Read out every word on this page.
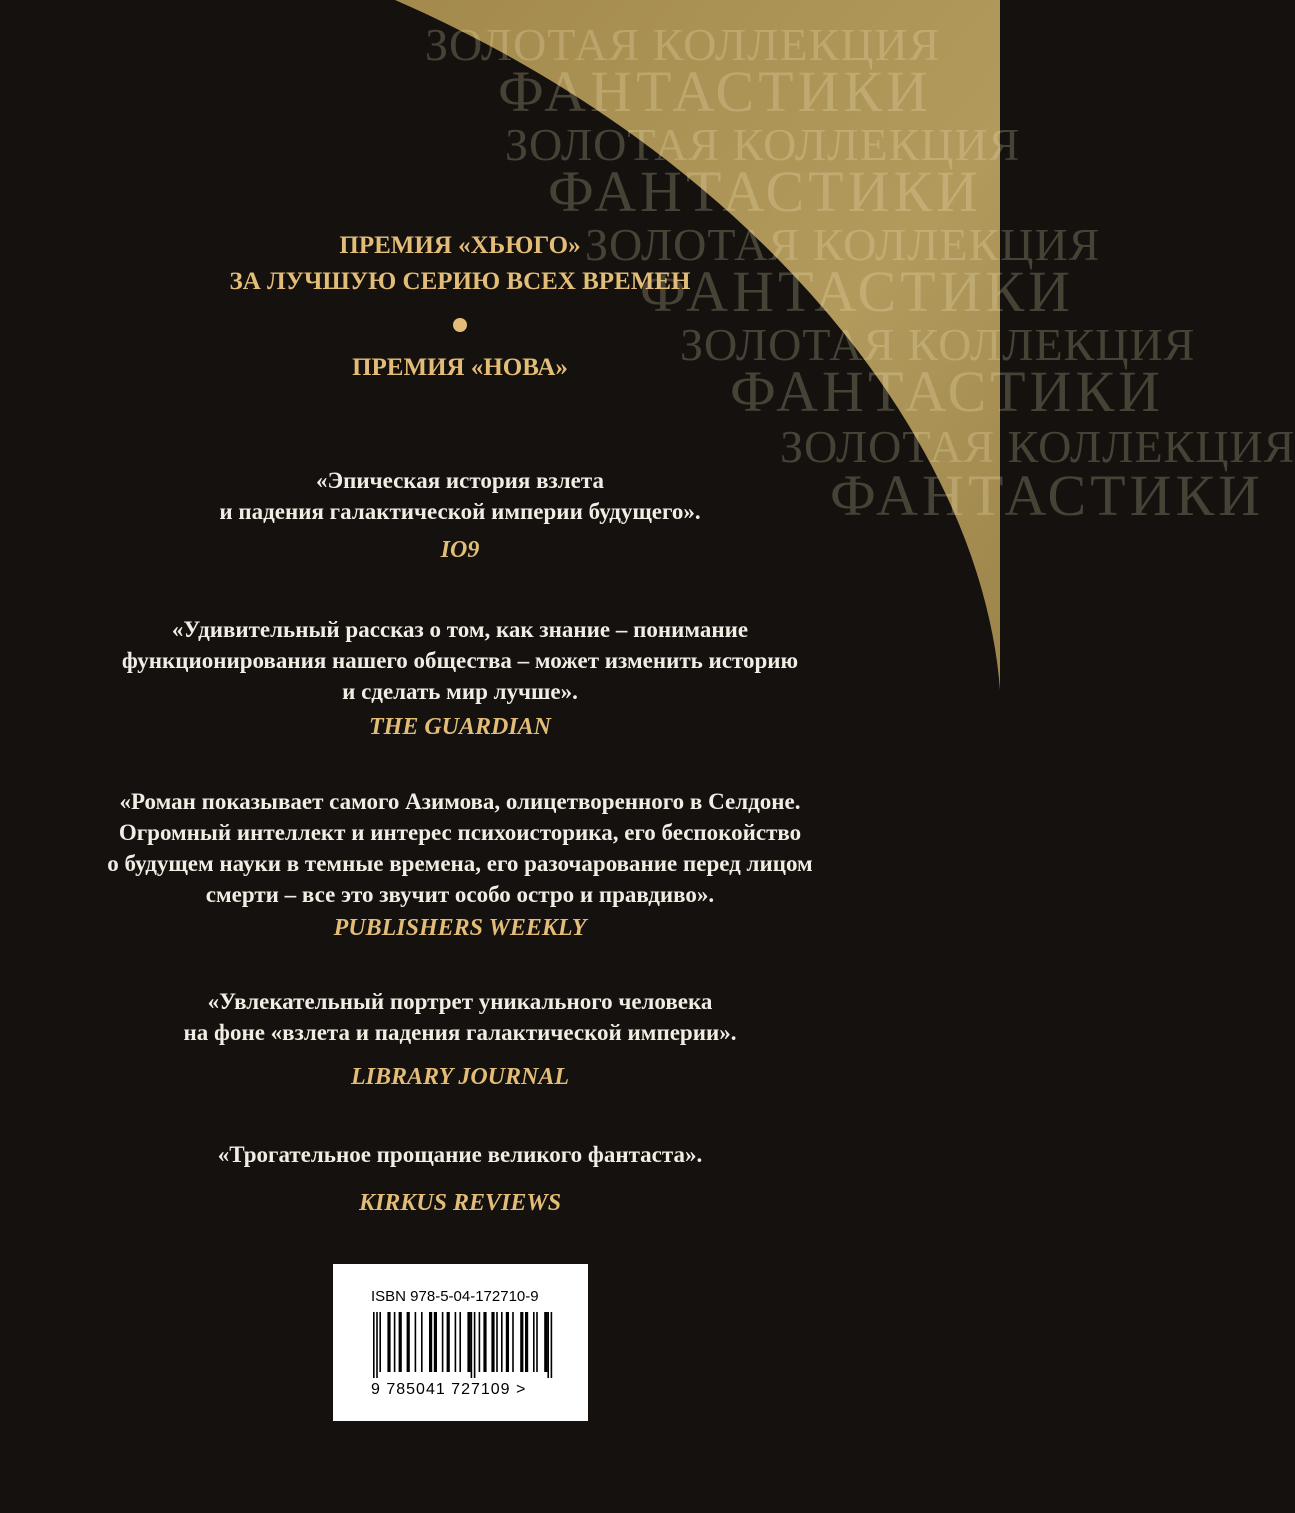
ЗОЛОТАЯ КОЛЛЕКЦИЯ
ФАНТАСТИКИ
ЗОЛОТАЯ КОЛЛЕКЦИЯ
ФАНТАСТИКИ
ЗОЛОТАЯ КОЛЛЕКЦИЯ
ФАНТАСТИКИ
ЗОЛОТАЯ КОЛЛЕКЦИЯ
ФАНТАСТИКИ
ЗОЛОТАЯ КОЛЛЕКЦИЯ
ФАНТАСТИКИ
ПРЕМИЯ «ХЬЮГО»
ЗА ЛУЧШУЮ СЕРИЮ ВСЕХ ВРЕМЕН
ПРЕМИЯ «НОВА»
«Эпическая история взлета
и падения галактической империи будущего».
IO9
«Удивительный рассказ о том, как знание – понимание
функционирования нашего общества – может изменить историю
и сделать мир лучше».
THE GUARDIAN
«Роман показывает самого Азимова, олицетворенного в Селдоне.
Огромный интеллект и интерес психоисторика, его беспокойство
о будущем науки в темные времена, его разочарование перед лицом
смерти – все это звучит особо остро и правдиво».
PUBLISHERS WEEKLY
«Увлекательный портрет уникального человека
на фоне «взлета и падения галактической империи».
LIBRARY JOURNAL
«Трогательное прощание великого фантаста».
KIRKUS REVIEWS
ISBN 978-5-04-172710-9
9 785041 727109 >
